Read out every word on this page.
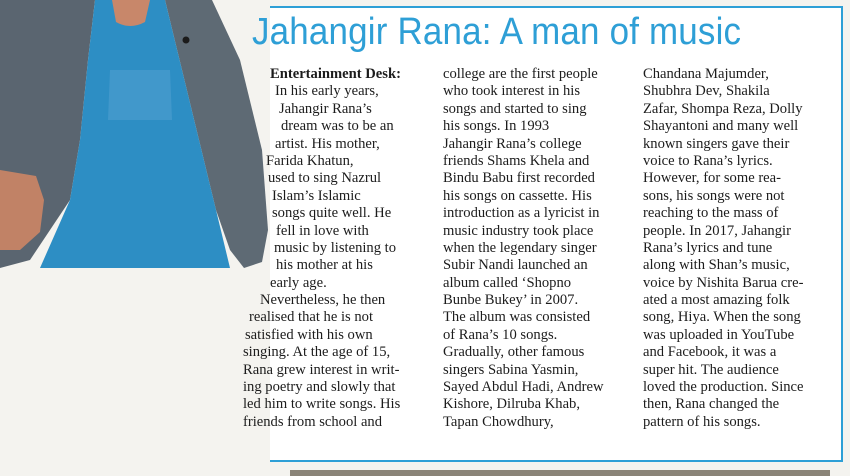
Jahangir Rana: A man of music
Entertainment Desk:
In his early years,
Jahangir Rana’s
dream was to be an
artist. His mother,
Farida Khatun,
used to sing Nazrul
Islam’s Islamic
songs quite well. He
fell in love with
music by listening to
his mother at his
early age.
Nevertheless, he then
realised that he is not
satisfied with his own
singing. At the age of 15,
Rana grew interest in writ-
ing poetry and slowly that
led him to write songs. His
friends from school and
college are the first people
who took interest in his
songs and started to sing
his songs. In 1993
Jahangir Rana’s college
friends Shams Khela and
Bindu Babu first recorded
his songs on cassette. His
introduction as a lyricist in
music industry took place
when the legendary singer
Subir Nandi launched an
album called ‘Shopno
Bunbe Bukey’ in 2007.
The album was consisted
of Rana’s 10 songs.
Gradually, other famous
singers Sabina Yasmin,
Sayed Abdul Hadi, Andrew
Kishore, Dilruba Khab,
Tapan Chowdhury,
Chandana Majumder,
Shubhra Dev, Shakila
Zafar, Shompa Reza, Dolly
Shayantoni and many well
known singers gave their
voice to Rana’s lyrics.
However, for some rea-
sons, his songs were not
reaching to the mass of
people. In 2017, Jahangir
Rana’s lyrics and tune
along with Shan’s music,
voice by Nishita Barua cre-
ated a most amazing folk
song, Hiya. When the song
was uploaded in YouTube
and Facebook, it was a
super hit. The audience
loved the production. Since
then, Rana changed the
pattern of his songs.
